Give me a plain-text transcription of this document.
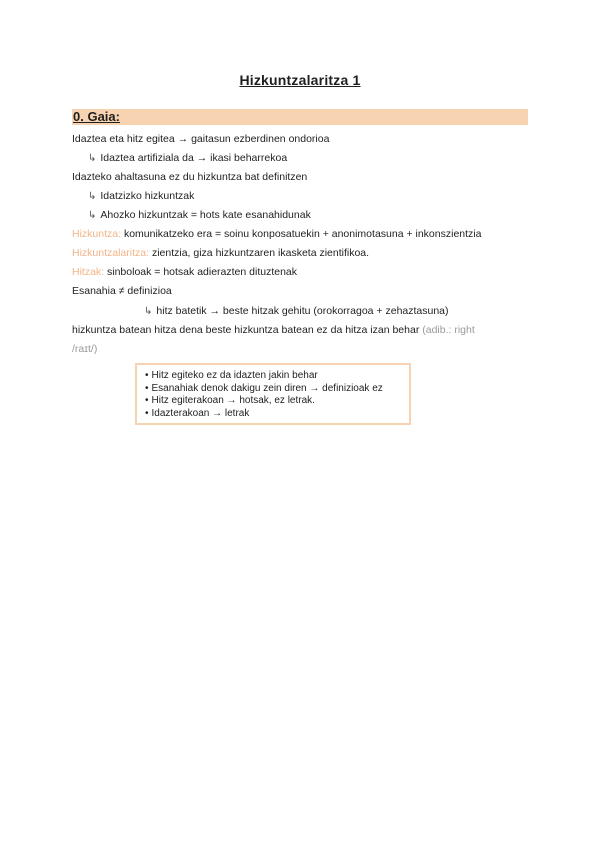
Hizkuntzalaritza 1
0. Gaia:
Idaztea eta hitz egitea → gaitasun ezberdinen ondorioa
↳ Idaztea artifiziala da → ikasi beharrekoa
Idazteko ahaltasuna ez du hizkuntza bat definitzen
↳ Idatzizko hizkuntzak
↳ Ahozko hizkuntzak = hots kate esanahidunak
Hizkuntza: komunikatzeko era = soinu konposatuekin + anonimotasuna + inkonszientzia
Hizkuntzalaritza: zientzia, giza hizkuntzaren ikasketa zientifikoa.
Hitzak: sinboloak = hotsak adierazten dituztenak
Esanahia ≠ definizioa
↳ hitz batetik → beste hitzak gehitu (orokorragoa + zehaztasuna)
hizkuntza batean hitza dena beste hizkuntza batean ez da hitza izan behar (adib.: right
/raɪt/)
• Hitz egiteko ez da idazten jakin behar
• Esanahiak denok dakigu zein diren → definizioak ez
• Hitz egiterakoan → hotsak, ez letrak.
• Idazterakoan → letrak
